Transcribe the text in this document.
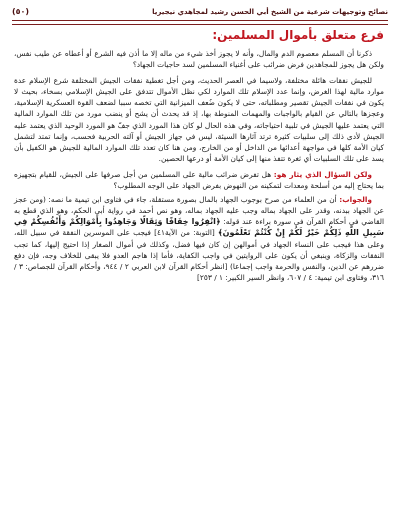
نصائح وتوجيهات شرعية من الشيخ أبي الحسن رشيد لمجاهدي نيجيريا
(٥٠)
فرع متعلق بأموال المسلمين:

ذكرنا أن المسلم معصوم الدم والمال، وأنه لا يجوز أخذ شيء من ماله إلا ما أذن فيه الشرع أو أعطاه عن طيب نفس، ولكن هل يجوز للمجاهدين فرض ضرائب على أغنياء المسلمين لسد حاجيات الجهاد؟

للجيش نفقات هائلة مختلفة، ولاسيما في العصر الحديث، ومن أجل تغطية نفقات الجيش المختلفة شرع الإسلام عدة موارد مالية لهذا الغرض، وإنما عدد الإسلام تلك الموارد لكي نظل الأموال تتدفق على الجيش الإسلامي بسخاء، بحيث لا يكون في نفقات الجيش تقصير ومطلباته، حتى لا يكون ضُعف الميزانية التي تخصه سببا لضعف القوة العسكرية الإسلامية، وعجزها بالتالي عن القيام بالواجبات والمهمات المنوطة بها، إذ قد يحدث أن يشح أو ينضب مورد من تلك الموارد المالية التي يعتمد عليها الجيش في تلبية احتياجاته، وفي هذه الحال لو كان هذا المورد الذي جفّ هو المورد الوحيد الذي يعتمد عليه الجيش لأدى ذلك إلى سلبيات كثيرة ترتد آثارها السيئة، ليس في جهاز الجيش أو آلته الحربية فحسب، وإنما تمتد لتشمل كيان الأمة كلها في مواجهة أعدائها من الداخل أو من الخارج، ومن هنا كان تعدد تلك الموارد المالية للجيش هو الكفيل بأن يسد على تلك السلبيات أي ثغرة تتفذ منها إلى كيان الأمة أو درعها الحصين.

ولكن السؤال الذي يثار هو: هل تفرض ضرائب مالية على المسلمين من أجل صرفها على الجيش، للقيام بتجهيزه بما يحتاج إليه من أسلحة ومعدات لتمكينه من النهوض بفرض الجهاد على الوجه المطلوب؟

والجواب: أن من العلماء من صرح بوجوب الجهاد بالمال بصورة مستقلة، جاء في فتاوى ابن تيمية ما نصه: (ومن عجز عن الجهاد ببدنه، وقدر على الجهاد بماله وجب عليه الجهاد بماله، وهو نص أحمد في رواية أبي الحكم، وهو الذي قطع به القاضي في أحكام القرآن في سورة براءة عند قوله: ﴿انْفِرُوا خِفَافًا وَثِقَالًا وَجَاهِدُوا بِأَمْوَالِكُمْ وَأَنْفُسِكُمْ فِي سَبِيلِ اللَّهِ ذَلِكُمْ خَيْرٌ لَكُمْ إِنْ كُنْتُمْ تَعْلَمُونَ﴾ [التوبة: من الآية٤١] فيجب على الموسرين النفقة في سبيل الله، وعلى هذا فيجب على النساء الجهاد في أموالهن إن كان فيها فضل، وكذلك في أموال الصغار إذا احتيج إليها، كما تجب النفقات والزكاة، وينبغي أن يكون على الروايتين في واجب الكفاية، فأما إذا هاجم العدو فلا يبقى للخلاف وجه، فإن دفع ضررهم عن الدين، والنفس والحرمة واجب إجماعا) [انظر أحكام القرآن لابن العربي ٢ / ٩٤٤، وأحكام القرآن للجصاص: ٣ / ٣١٦، وفتاوى ابن تيمية: ٤ / ٦٠٧، وانظر السير الكبير: ١ / ٢٥٣]
